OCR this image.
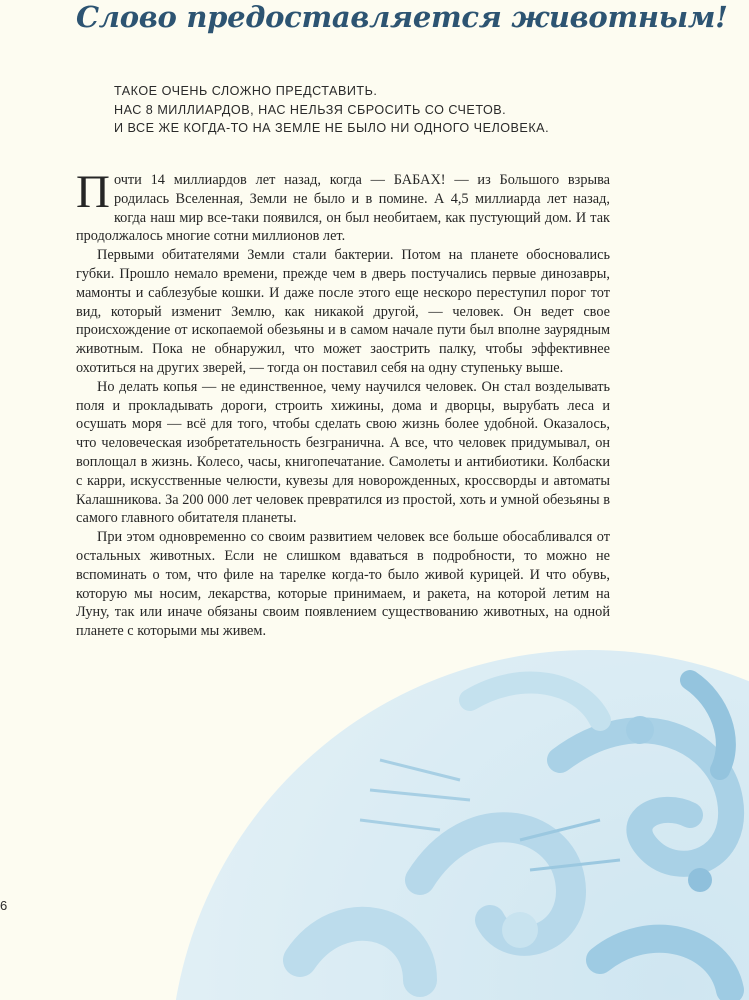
Слово предоставляется животным!
ТАКОЕ ОЧЕНЬ СЛОЖНО ПРЕДСТАВИТЬ.
НАС 8 МИЛЛИАРДОВ, НАС НЕЛЬЗЯ СБРОСИТЬ СО СЧЕТОВ.
И ВСЕ ЖЕ КОГДА-ТО НА ЗЕМЛЕ НЕ БЫЛО НИ ОДНОГО ЧЕЛОВЕКА.

Почти 14 миллиардов лет назад, когда — БАБАХ! — из Большого взрыва родилась Вселенная, Земли не было и в помине. А 4,5 миллиарда лет назад, когда наш мир все-таки появился, он был необитаем, как пустующий дом. И так продолжалось многие сотни миллионов лет.

Первыми обитателями Земли стали бактерии. Потом на планете обосновались губки. Прошло немало времени, прежде чем в дверь постучались первые динозавры, мамонты и саблезубые кошки. И даже после этого еще нескоро переступил порог тот вид, который изменит Землю, как никакой другой, — человек. Он ведет свое происхождение от ископаемой обезьяны и в самом начале пути был вполне заурядным животным. Пока не обнаружил, что может заострить палку, чтобы эффективнее охотиться на других зверей, — тогда он поставил себя на одну ступеньку выше.

Но делать копья — не единственное, чему научился человек. Он стал возделывать поля и прокладывать дороги, строить хижины, дома и дворцы, вырубать леса и осушать моря — всё для того, чтобы сделать свою жизнь более удобной. Оказалось, что человеческая изобретательность безгранична. А все, что человек придумывал, он воплощал в жизнь. Колесо, часы, книгопечатание. Самолеты и антибиотики. Колбаски с карри, искусственные челюсти, кувезы для новорожденных, кроссворды и автоматы Калашникова. За 200 000 лет человек превратился из простой, хоть и умной обезьяны в самого главного обитателя планеты.

При этом одновременно со своим развитием человек все больше обосабливался от остальных животных. Если не слишком вдаваться в подробности, то можно не вспоминать о том, что филе на тарелке когда-то было живой курицей. И что обувь, которую мы носим, лекарства, которые принимаем, и ракета, на которой летим на Луну, так или иначе обязаны своим появлением существованию животных, на одной планете с которыми мы живем.

6
